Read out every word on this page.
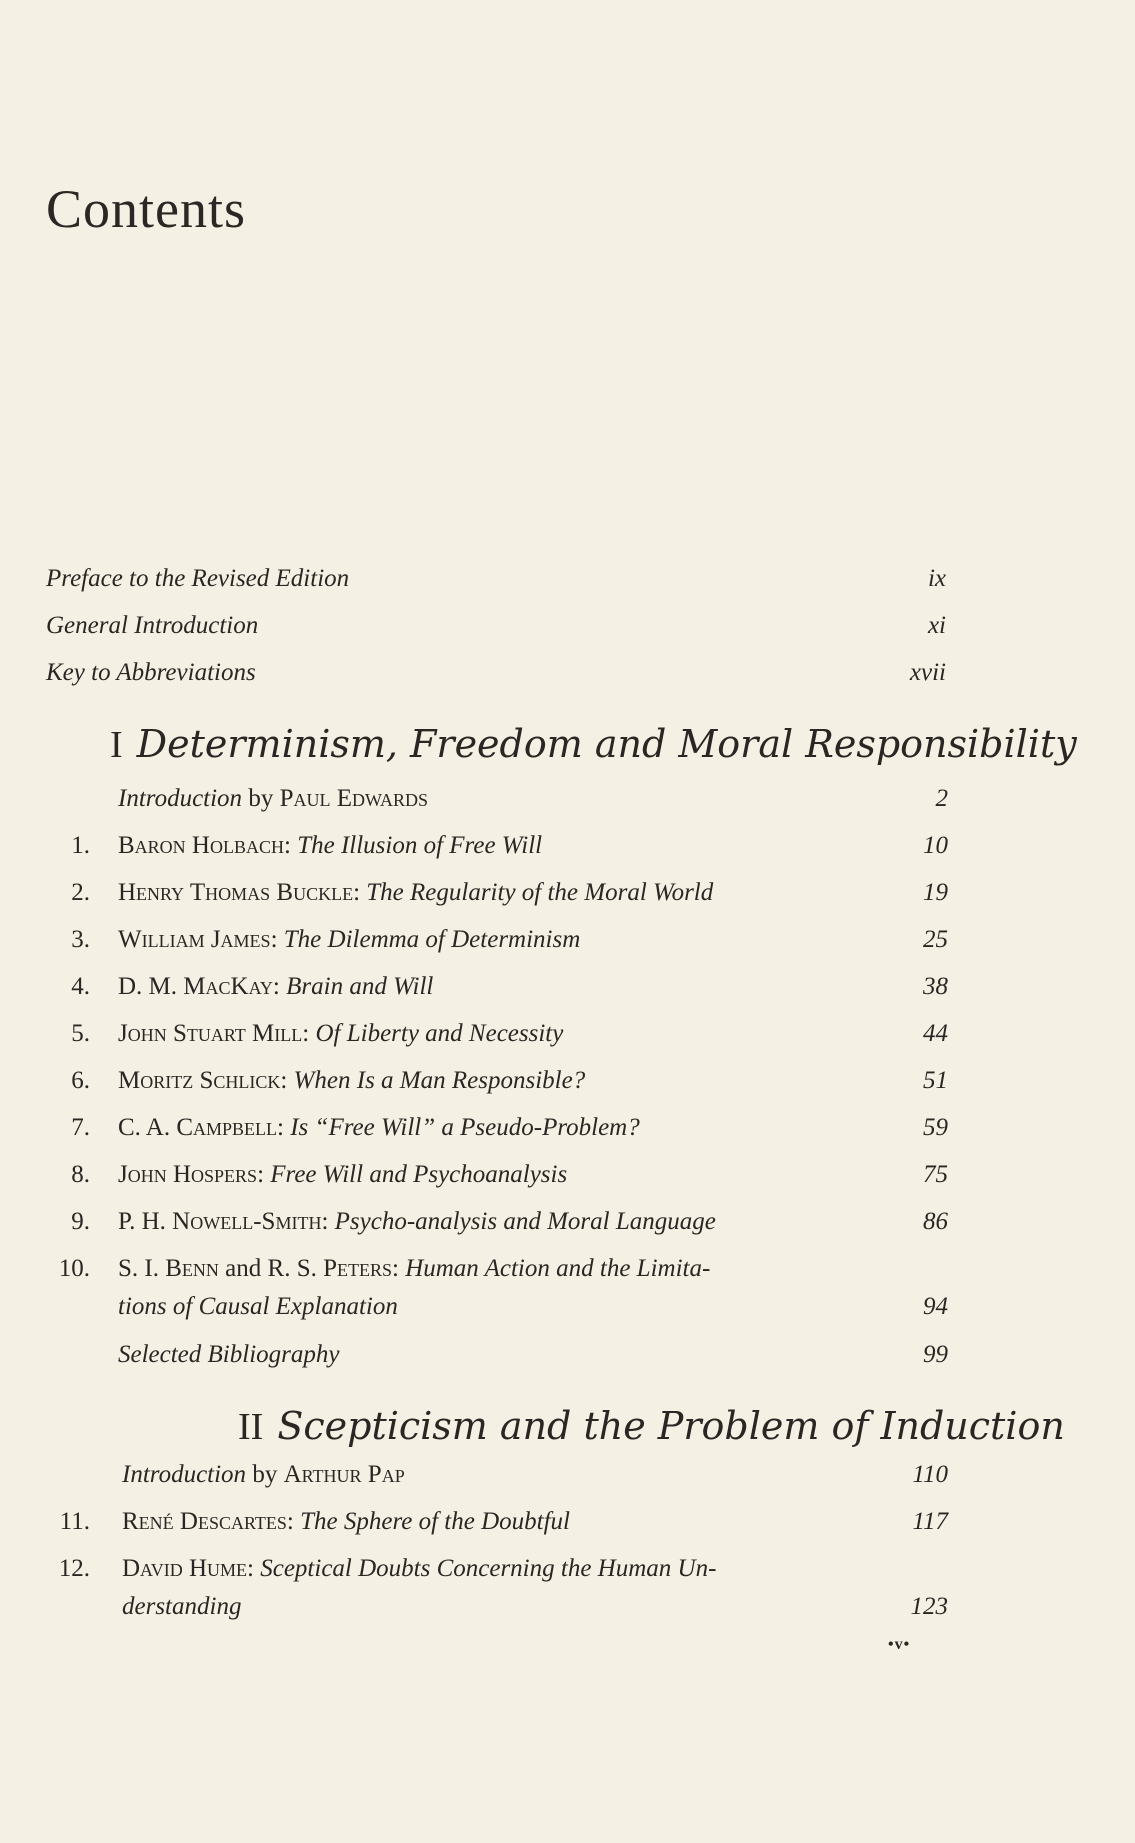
Contents
Preface to the Revised Edition	ix
General Introduction	xi
Key to Abbreviations	xvii
I Determinism, Freedom and Moral Responsibility
Introduction by Paul Edwards	2
1. Baron Holbach: The Illusion of Free Will	10
2. Henry Thomas Buckle: The Regularity of the Moral World	19
3. William James: The Dilemma of Determinism	25
4. D. M. MacKay: Brain and Will	38
5. John Stuart Mill: Of Liberty and Necessity	44
6. Moritz Schlick: When Is a Man Responsible?	51
7. C. A. Campbell: Is “Free Will” a Pseudo-Problem?	59
8. John Hospers: Free Will and Psychoanalysis	75
9. P. H. Nowell-Smith: Psycho-analysis and Moral Language	86
10. S. I. Benn and R. S. Peters: Human Action and the Limita-
tions of Causal Explanation	94
Selected Bibliography	99
II Scepticism and the Problem of Induction
Introduction by Arthur Pap	110
11. René Descartes: The Sphere of the Doubtful	117
12. David Hume: Sceptical Doubts Concerning the Human Un-
derstanding	123
•v•
